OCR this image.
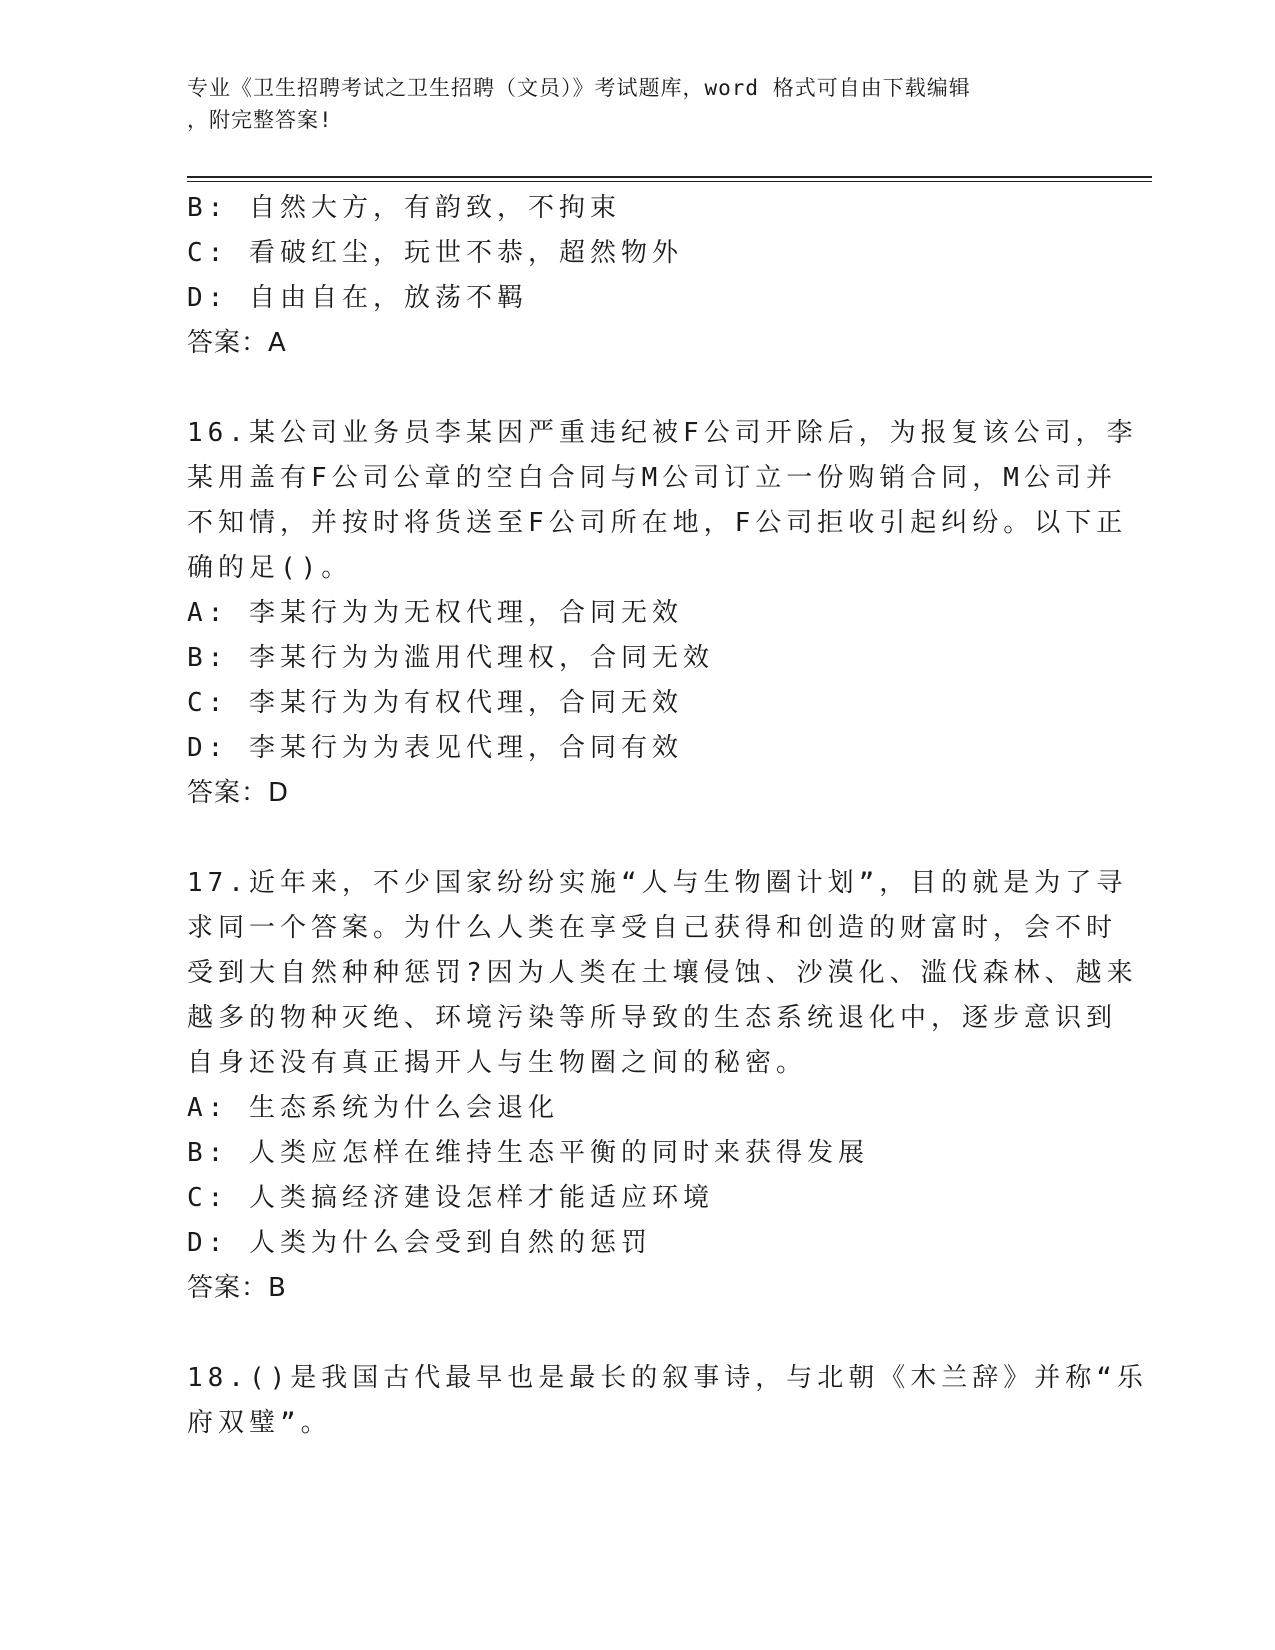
专业《卫生招聘考试之卫生招聘（文员）》考试题库，word 格式可自由下载编辑
，附完整答案!
B: 自然大方，有韵致，不拘束
C: 看破红尘，玩世不恭，超然物外
D: 自由自在，放荡不羁
答案：A
16.某公司业务员李某因严重违纪被F公司开除后，为报复该公司，李
某用盖有F公司公章的空白合同与M公司订立一份购销合同，M公司并
不知情，并按时将货送至F公司所在地，F公司拒收引起纠纷。以下正
确的足()。
A: 李某行为为无权代理，合同无效
B: 李某行为为滥用代理权，合同无效
C: 李某行为为有权代理，合同无效
D: 李某行为为表见代理，合同有效
答案：D
17.近年来，不少国家纷纷实施“人与生物圈计划”，目的就是为了寻
求同一个答案。为什么人类在享受自己获得和创造的财富时，会不时
受到大自然种种惩罚?因为人类在土壤侵蚀、沙漠化、滥伐森林、越来
越多的物种灭绝、环境污染等所导致的生态系统退化中，逐步意识到
自身还没有真正揭开人与生物圈之间的秘密。
A: 生态系统为什么会退化
B: 人类应怎样在维持生态平衡的同时来获得发展
C: 人类搞经济建设怎样才能适应环境
D: 人类为什么会受到自然的惩罚
答案：B
18.()是我国古代最早也是最长的叙事诗，与北朝《木兰辞》并称“乐
府双璧”。
